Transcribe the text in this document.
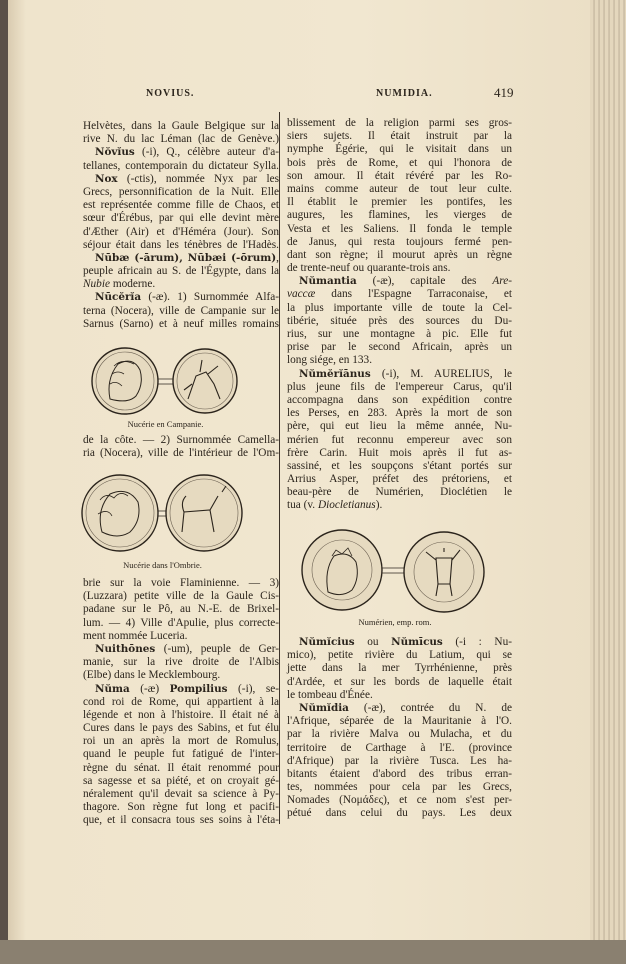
NOVIUS.	NUMIDIA.	419
Helvètes, dans la Gaule Belgique sur la
rive N. du lac Léman (lac de Genève.)
Nŏvĭus (-i), Q., célèbre auteur d'a-
tellanes, contemporain du dictateur Sylla.
Nox (-ctis), nommée Nyx par les
Grecs, personnification de la Nuit. Elle
est représentée comme fille de Chaos, et
sœur d'Érébus, par qui elle devint mère
d'Æther (Air) et d'Héméra (Jour). Son
séjour était dans les ténèbres de l'Hadès.
Nūbæ (-ārum), Nūbæi (-ōrum),
peuple africain au S. de l'Égypte, dans la
Nubie moderne.
Nūcĕrĭa (-æ). 1) Surnommée Alfa-
terna (Nocera), ville de Campanie sur le
Sarnus (Sarno) et à neuf milles romains
de la côte. — 2) Surnommée Camella-
ria (Nocera), ville de l'intérieur de l'Om-
brie sur la voie Flaminienne. — 3)
(Luzzara) petite ville de la Gaule Cis-
padane sur le Pô, au N.-E. de Brixel-
lum. — 4) Ville d'Apulie, plus correcte-
ment nommée Luceria.
Nuithōnes (-um), peuple de Ger-
manie, sur la rive droite de l'Albis
(Elbe) dans le Mecklembourg.
Nŭma (-æ) Pompilius (-i), se-
cond roi de Rome, qui appartient à la
légende et non à l'histoire. Il était né à
Cures dans le pays des Sabins, et fut élu
roi un an après la mort de Romulus,
quand le peuple fut fatigué de l'inter-
règne du sénat. Il était renommé pour
sa sagesse et sa piété, et on croyait gé-
néralement qu'il devait sa science à Py-
thagore. Son règne fut long et pacifi-
que, et il consacra tous ses soins à l'éta-
blissement de la religion parmi ses gros-
siers sujets. Il était instruit par la
nymphe Égérie, qui le visitait dans un
bois près de Rome, et qui l'honora de
son amour. Il était révéré par les Ro-
mains comme auteur de tout leur culte.
Il établit le premier les pontifes, les
augures, les flamines, les vierges de
Vesta et les Saliens. Il fonda le temple
de Janus, qui resta toujours fermé pen-
dant son règne; il mourut après un règne
de trente-neuf ou quarante-trois ans.
Nŭmantia (-æ), capitale des Are-
vaccæ dans l'Espagne Tarraconaise, et
la plus importante ville de toute la Cel-
tibérie, située près des sources du Du-
rius, sur une montagne à pic. Elle fut
prise par le second Africain, après un
long siége, en 133.
Nŭmĕrĭānus (-i), M. AURELIUS, le
plus jeune fils de l'empereur Carus, qu'il
accompagna dans son expédition contre
les Perses, en 283. Après la mort de son
père, qui eut lieu la même année, Nu-
mérien fut reconnu empereur avec son
frère Carin. Huit mois après il fut as-
sassiné, et les soupçons s'étant portés sur
Arrius Asper, préfet des prétoriens, et
beau-père de Numérien, Dioclétien le
tua (v. Diocletianus).
Nŭmĭcius ou Nŭmīcus (-i : Nu-
mico), petite rivière du Latium, qui se
jette dans la mer Tyrrhénienne, près
d'Ardée, et sur les bords de laquelle était
le tombeau d'Énée.
Nŭmĭdia (-æ), contrée du N. de
l'Afrique, séparée de la Mauritanie à l'O.
par la rivière Malva ou Mulacha, et du
territoire de Carthage à l'E. (province
d'Afrique) par la rivière Tusca. Les ha-
bitants étaient d'abord des tribus erran-
tes, nommées pour cela par les Grecs,
Nomades (Νομάδες), et ce nom s'est per-
pétué dans celui du pays. Les deux
Nucérie en Campanie.
Nucérie dans l'Ombrie.
Numérien, emp. rom.
